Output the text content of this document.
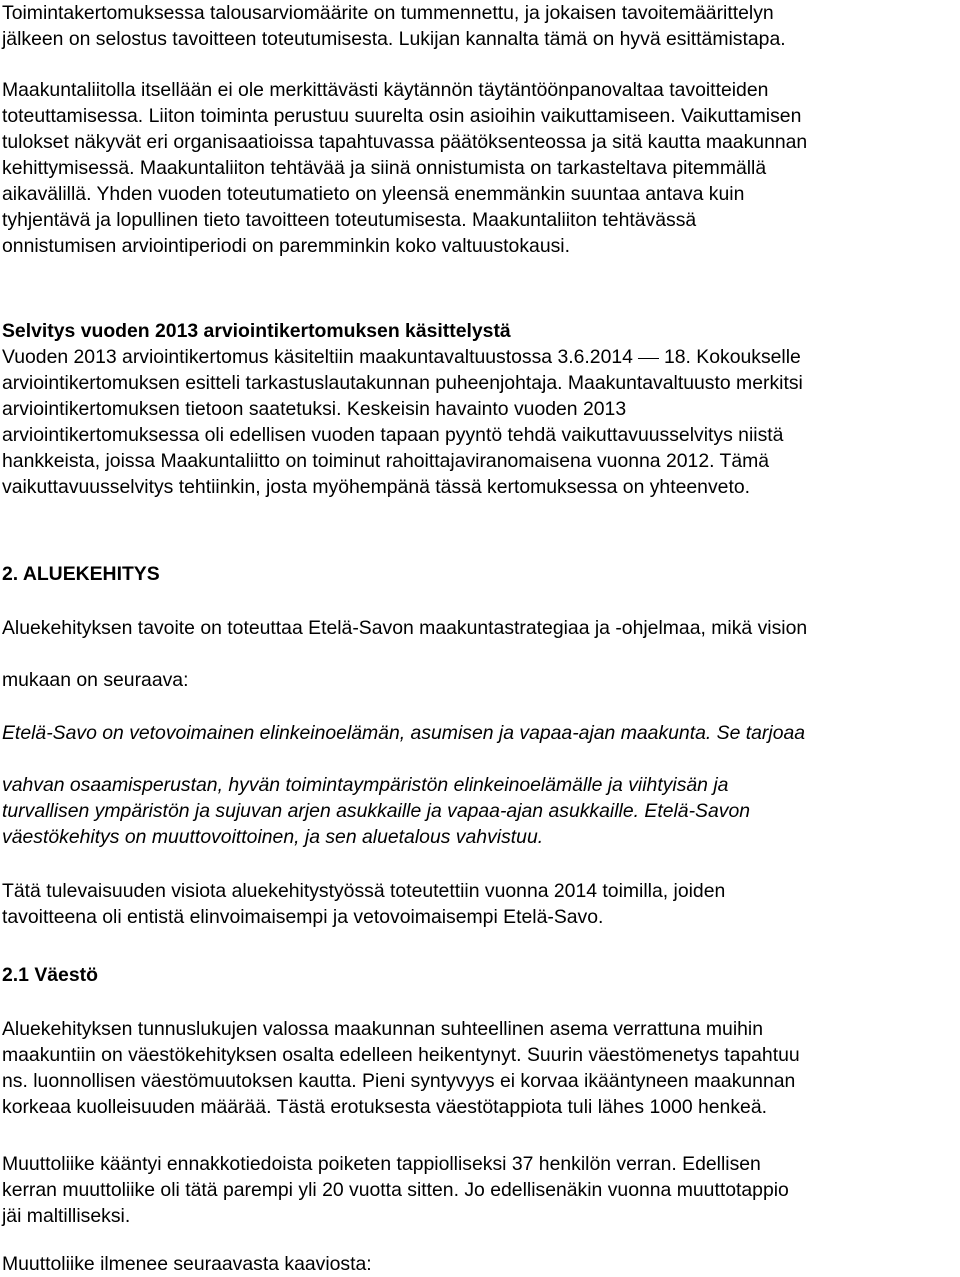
Toimintakertomuksessa talousarviomäärite on tummennettu, ja jokaisen tavoitemäärittelyn
jälkeen on selostus tavoitteen toteutumisesta. Lukijan kannalta tämä on hyvä esittämistapa.
Maakuntaliitolla itsellään ei ole merkittävästi käytännön täytäntöönpanovaltaa tavoitteiden
toteuttamisessa. Liiton toiminta perustuu suurelta osin asioihin vaikuttamiseen. Vaikuttamisen
tulokset näkyvät eri organisaatioissa tapahtuvassa päätöksenteossa ja sitä kautta maakunnan
kehittymisessä. Maakuntaliiton tehtävää ja siinä onnistumista on tarkasteltava pitemmällä
aikavälillä. Yhden vuoden toteutumatieto on yleensä enemmänkin suuntaa antava kuin
tyhjentävä ja lopullinen tieto tavoitteen toteutumisesta. Maakuntaliiton tehtävässä
onnistumisen arviointiperiodi on paremminkin koko valtuustokausi.
Selvitys vuoden 2013 arviointikertomuksen käsittelystä
Vuoden 2013 arviointikertomus käsiteltiin maakuntavaltuustossa 3.6.2014 18. Kokoukselle
arviointikertomuksen esitteli tarkastuslautakunnan puheenjohtaja. Maakuntavaltuusto merkitsi
arviointikertomuksen tietoon saatetuksi. Keskeisin havainto vuoden 2013
arviointikertomuksessa oli edellisen vuoden tapaan pyyntö tehdä vaikuttavuusselvitys niistä
hankkeista, joissa Maakuntaliitto on toiminut rahoittajaviranomaisena vuonna 2012. Tämä
vaikuttavuusselvitys tehtiinkin, josta myöhempänä tässä kertomuksessa on yhteenveto.
2. ALUEKEHITYS
Aluekehityksen tavoite on toteuttaa Etelä-Savon maakuntastrategiaa ja -ohjelmaa, mikä vision
mukaan on seuraava:
Etelä-Savo on vetovoimainen elinkeinoelämän, asumisen ja vapaa-ajan maakunta. Se tarjoaa
vahvan osaamisperustan, hyvän toimintaympäristön elinkeinoelämälle ja viihtyisän ja
turvallisen ympäristön ja sujuvan arjen asukkaille ja vapaa-ajan asukkaille. Etelä-Savon
väestökehitys on muuttovoittoinen, ja sen aluetalous vahvistuu.
Tätä tulevaisuuden visiota aluekehitystyössä toteutettiin vuonna 2014 toimilla, joiden
tavoitteena oli entistä elinvoimaisempi ja vetovoimaisempi Etelä-Savo.
2.1 Väestö
Aluekehityksen tunnuslukujen valossa maakunnan suhteellinen asema verrattuna muihin
maakuntiin on väestökehityksen osalta edelleen heikentynyt. Suurin väestömenetys tapahtuu
ns. luonnollisen väestömuutoksen kautta. Pieni syntyvyys ei korvaa ikääntyneen maakunnan
korkeaa kuolleisuuden määrää. Tästä erotuksesta väestötappiota tuli lähes 1000 henkeä.
Muuttoliike kääntyi ennakkotiedoista poiketen tappiolliseksi 37 henkilön verran. Edellisen
kerran muuttoliike oli tätä parempi yli 20 vuotta sitten. Jo edellisenäkin vuonna muuttotappio
jäi maltilliseksi.
Muuttoliike ilmenee seuraavasta kaaviosta:
